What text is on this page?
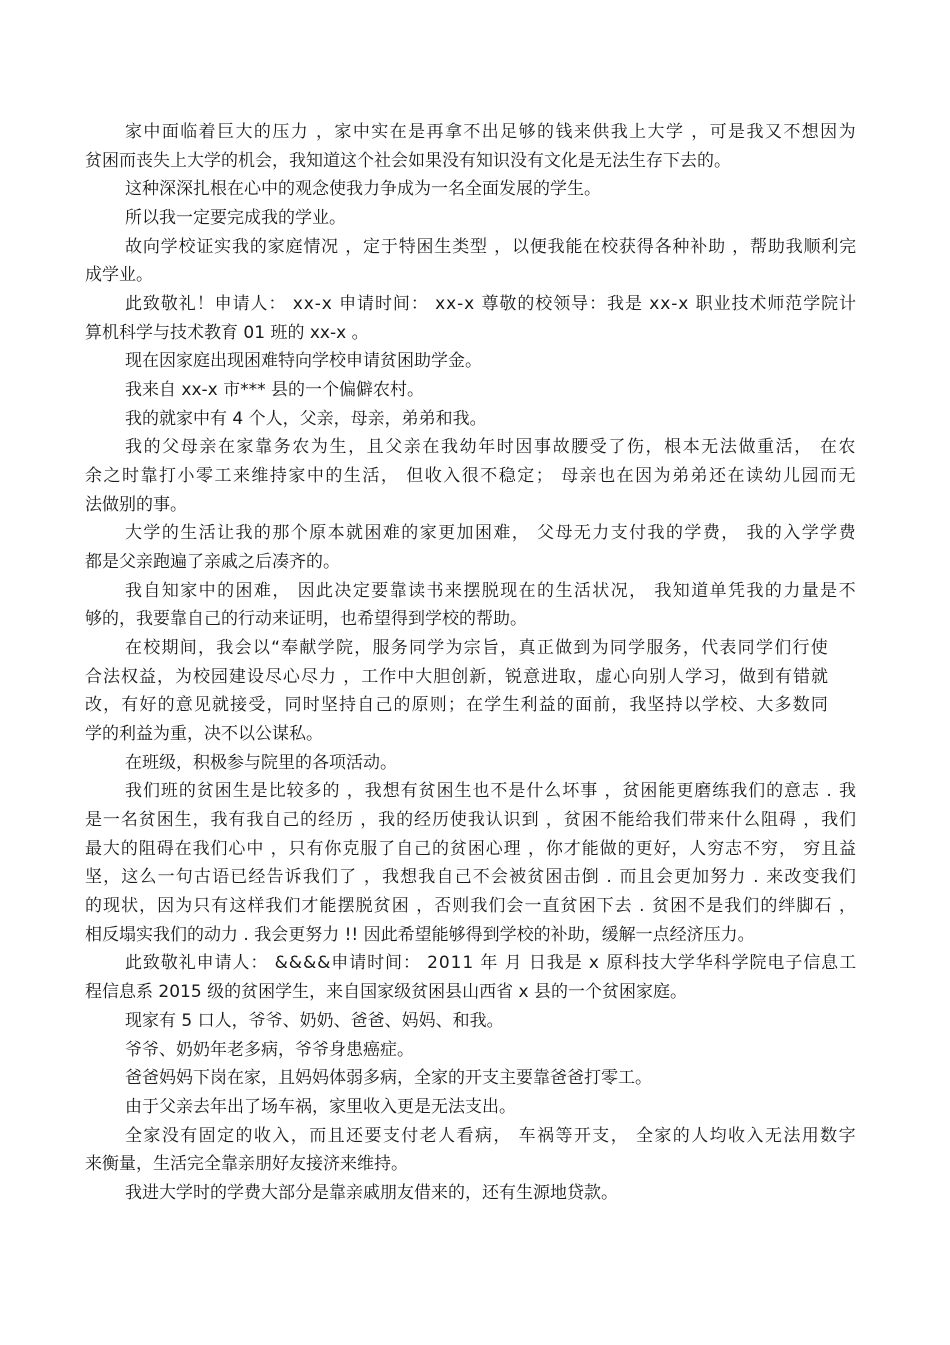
家中面临着巨大的压力 ，家中实在是再拿不出足够的钱来供我上大学 ，可是我又不想因为
贫困而丧失上大学的机会，我知道这个社会如果没有知识没有文化是无法生存下去的。
这种深深扎根在心中的观念使我力争成为一名全面发展的学生。
所以我一定要完成我的学业。
故向学校证实我的家庭情况 ，定于特困生类型 ，以便我能在校获得各种补助 ，帮助我顺利完
成学业。
此致敬礼！申请人： xx-x 申请时间： xx-x 尊敬的校领导：我是 xx-x 职业技术师范学院计
算机科学与技术教育 01 班的 xx-x 。
现在因家庭出现困难特向学校申请贫困助学金。
我来自 xx-x 市*** 县的一个偏僻农村。
我的就家中有 4 个人，父亲，母亲，弟弟和我。
我的父母亲在家靠务农为生，且父亲在我幼年时因事故腰受了伤，根本无法做重活， 在农
余之时靠打小零工来维持家中的生活， 但收入很不稳定； 母亲也在因为弟弟还在读幼儿园而无
法做别的事。
大学的生活让我的那个原本就困难的家更加困难， 父母无力支付我的学费， 我的入学学费
都是父亲跑遍了亲戚之后凑齐的。
我自知家中的困难， 因此决定要靠读书来摆脱现在的生活状况， 我知道单凭我的力量是不
够的，我要靠自己的行动来证明，也希望得到学校的帮助。
在校期间，我会以“奉献学院，服务同学为宗旨，真正做到为同学服务，代表同学们行使
合法权益，为校园建设尽心尽力 ，工作中大胆创新，锐意进取，虚心向别人学习，做到有错就
改，有好的意见就接受，同时坚持自己的原则；在学生利益的面前，我坚持以学校、大多数同
学的利益为重，决不以公谋私。
在班级，积极参与院里的各项活动。
我们班的贫困生是比较多的 ，我想有贫困生也不是什么坏事 ，贫困能更磨练我们的意志 . 我
是一名贫困生，我有我自己的经历 ，我的经历使我认识到 ，贫困不能给我们带来什么阻碍 ，我们
最大的阻碍在我们心中 ，只有你克服了自己的贫困心理 ，你才能做的更好，人穷志不穷， 穷且益
坚，这么一句古语已经告诉我们了 ，我想我自己不会被贫困击倒 . 而且会更加努力 . 来改变我们
的现状，因为只有这样我们才能摆脱贫困 ，否则我们会一直贫困下去 . 贫困不是我们的绊脚石 ，
相反塌实我们的动力 . 我会更努力 !! 因此希望能够得到学校的补助，缓解一点经济压力。
此致敬礼申请人： &&&&申请时间： 2011 年 月 日我是 x 原科技大学华科学院电子信息工
程信息系 2015 级的贫困学生，来自国家级贫困县山西省 x 县的一个贫困家庭。
现家有 5 口人，爷爷、奶奶、爸爸、妈妈、和我。
爷爷、奶奶年老多病，爷爷身患癌症。
爸爸妈妈下岗在家，且妈妈体弱多病，全家的开支主要靠爸爸打零工。
由于父亲去年出了场车祸，家里收入更是无法支出。
全家没有固定的收入，而且还要支付老人看病， 车祸等开支， 全家的人均收入无法用数字
来衡量，生活完全靠亲朋好友接济来维持。
我进大学时的学费大部分是靠亲戚朋友借来的，还有生源地贷款。
